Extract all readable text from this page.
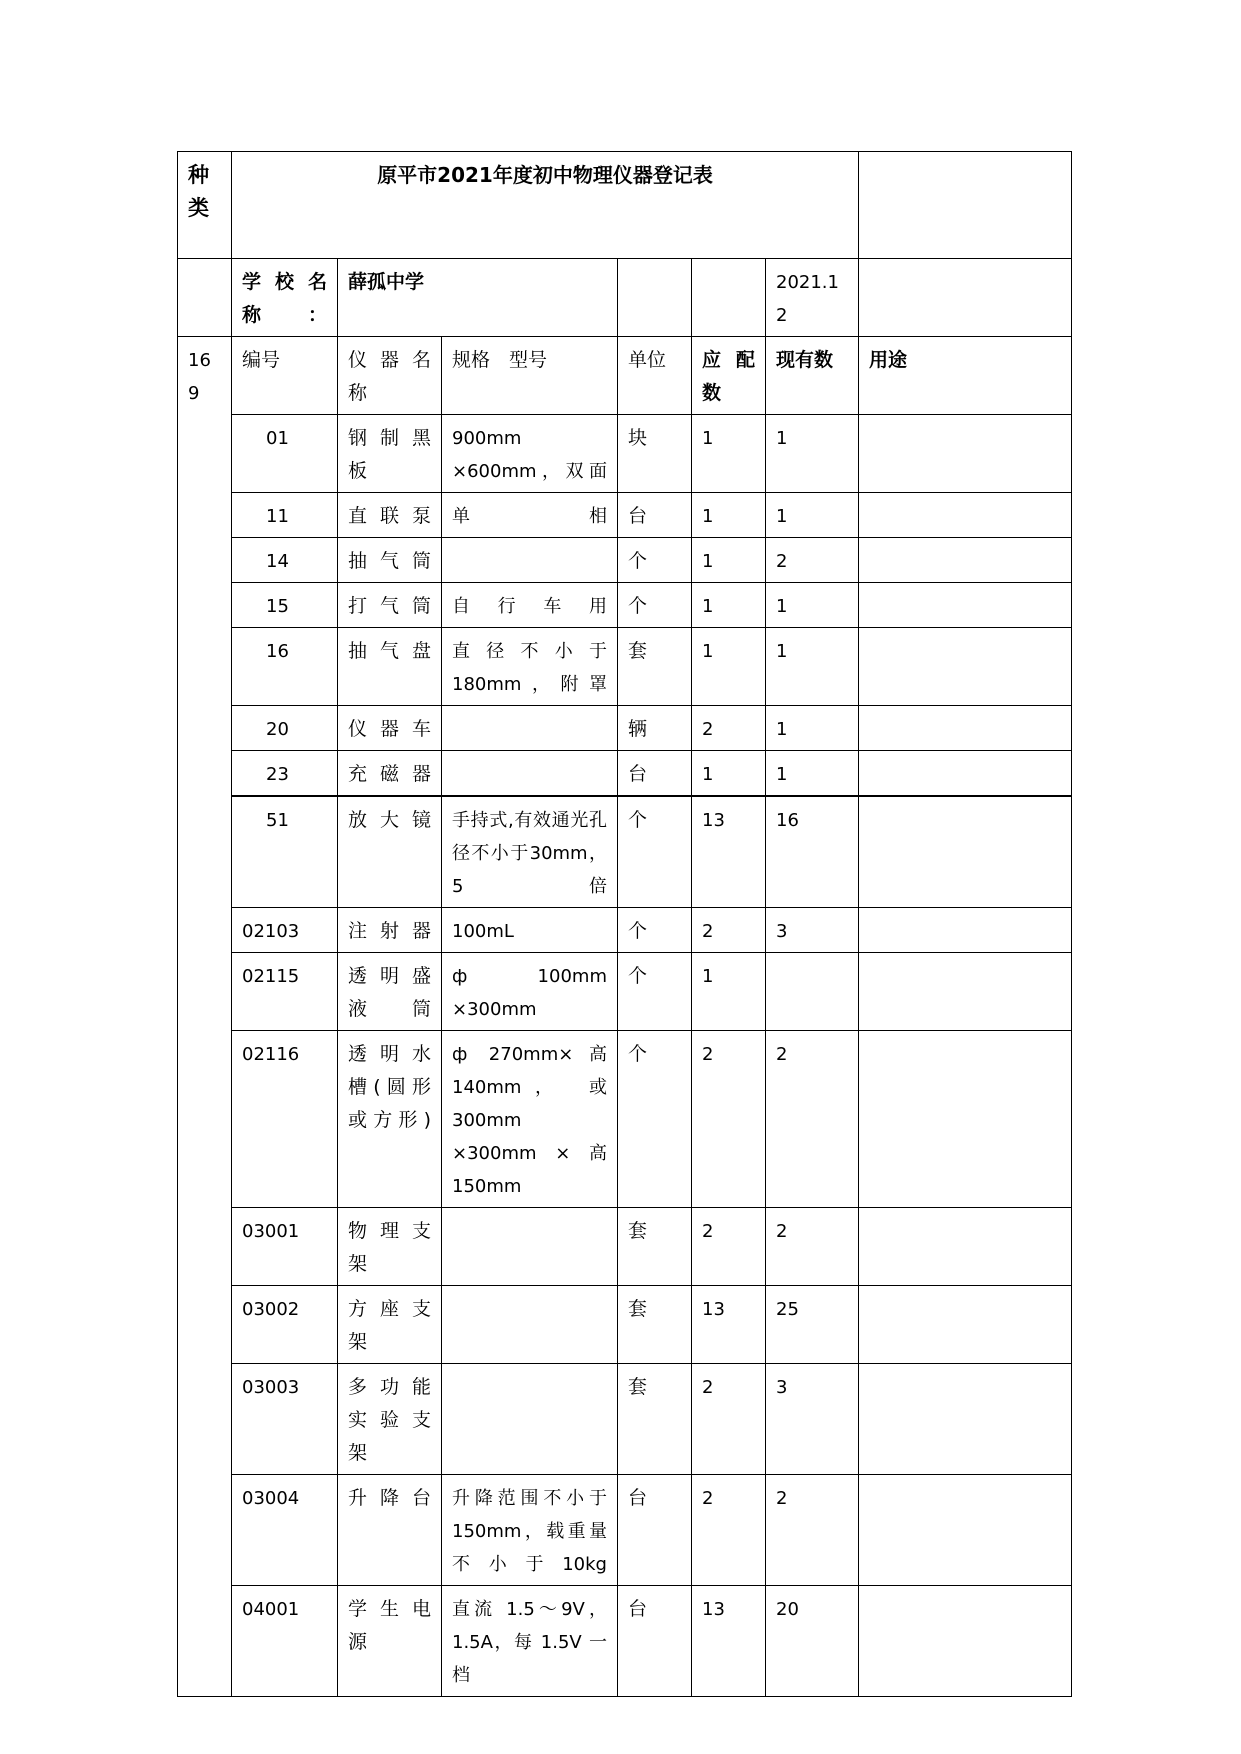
种类	原平市2021年度初中物理仪器登记表						
	学 校 名称：	薛孤中学				2021.12	

169	编号	仪 器 名称	规格　型号	单位	应 配数	现有数	用途
	01	钢 制 黑板	900mm　　×600mm，双面	块	1	1	
	11	直联泵	单相	台	1	1	
	14	抽气筒		个	1	2	
	15	打气筒	自行车用	个	1	1	
	16	抽气盘	直 径 不 小 于180mm，附罩	套	1	1	
	20	仪器车		辆	2	1	
	23	充磁器		台	1	1	
	51	放大镜	手持式,有效通光孔径不小于30mm，5倍	个	13	16	
	02103	注射器	100mL	个	2	3	
	02115	透 明 盛液筒	ф　100mm　×300mm	个	1		
	02116	透 明 水槽(圆形或方形)	ф 270mm×高140mm，　或300mm　　×300mm　×　高150mm	个	2	2	
	03001	物 理 支架		套	2	2	
	03002	方 座 支架		套	13	25	
	03003	多 功 能实 验 支架		套	2	3	
	03004	升降台	升降范围不小于150mm，载重量不小于10kg	台	2	2	
	04001	学 生 电源	直流 1.5～9V，1.5A，每 1.5V 一档	台	13	20	
